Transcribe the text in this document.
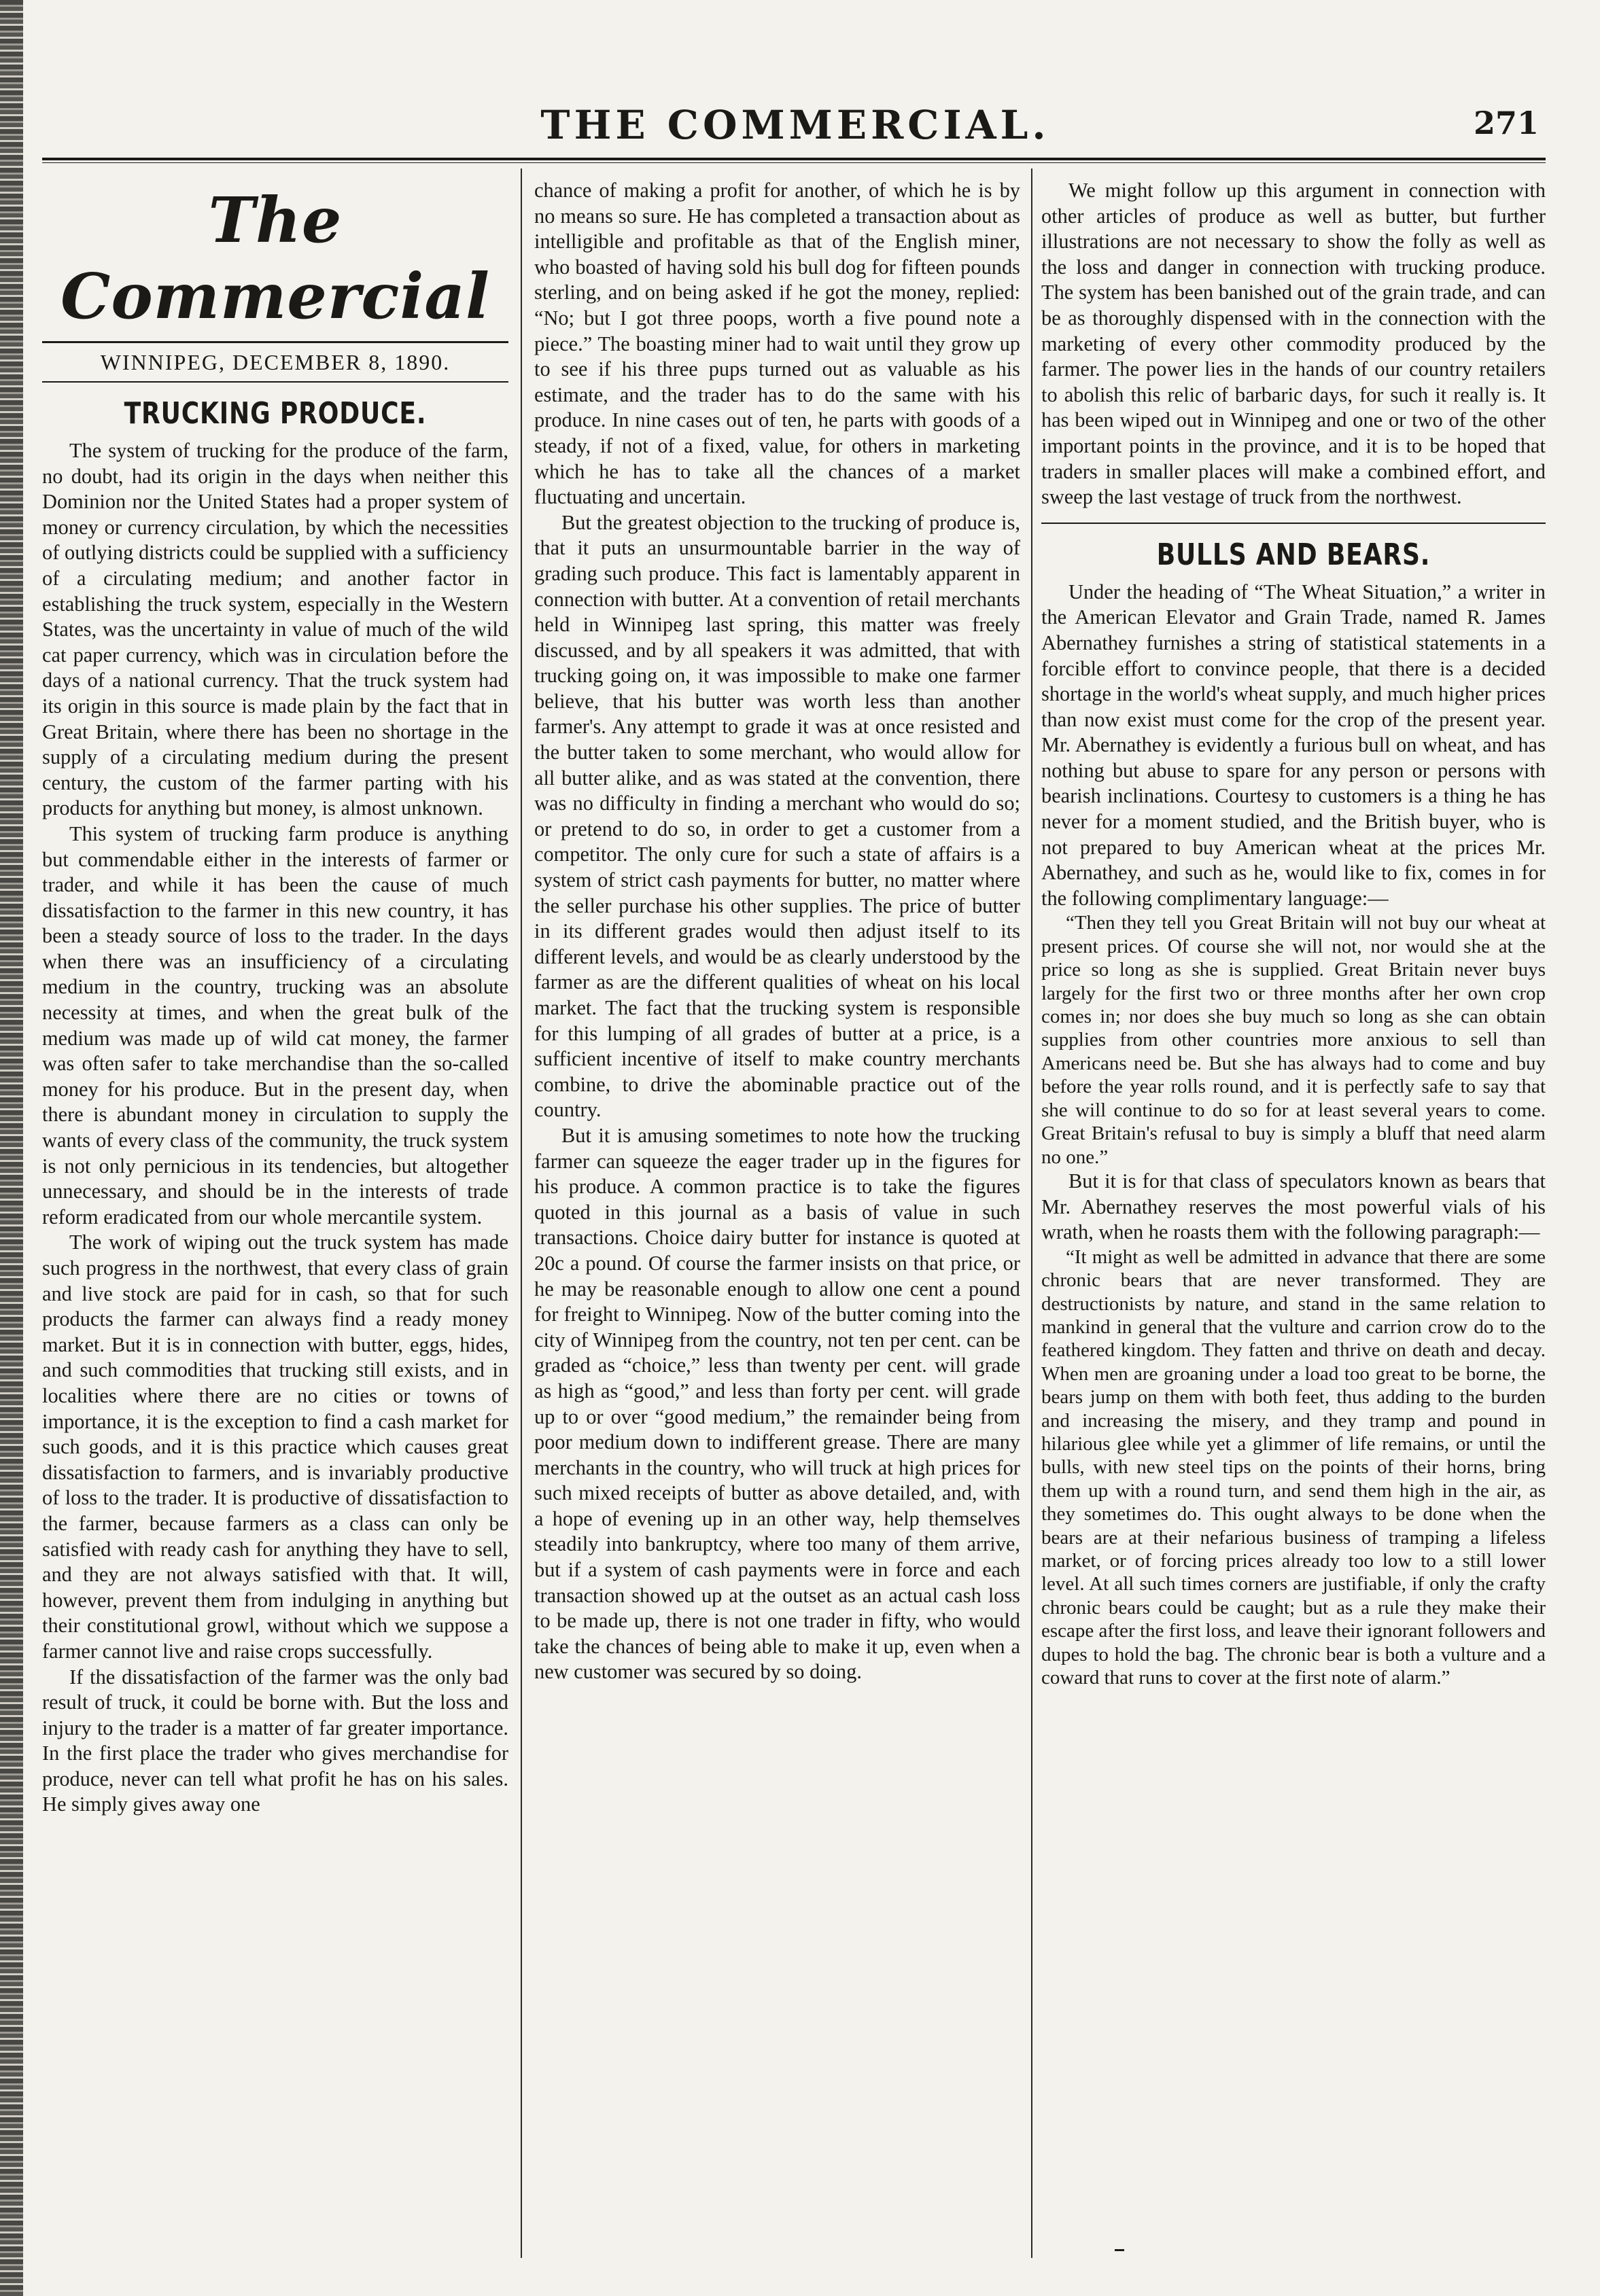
THE COMMERCIAL.	271
The Commercial
WINNIPEG, DECEMBER 8, 1890.
TRUCKING PRODUCE.

The system of trucking for the produce of the farm, no doubt, had its origin in the days when neither this Dominion nor the United States had a proper system of money or currency circulation, by which the necessities of outlying districts could be supplied with a sufficiency of a circulating medium; and another factor in establishing the truck system, especially in the Western States, was the uncertainty in value of much of the wild cat paper currency, which was in circulation before the days of a national currency. That the truck system had its origin in this source is made plain by the fact that in Great Britain, where there has been no shortage in the supply of a circulating medium during the present century, the custom of the farmer parting with his products for anything but money, is almost unknown.

This system of trucking farm produce is anything but commendable either in the interests of farmer or trader, and while it has been the cause of much dissatisfaction to the farmer in this new country, it has been a steady source of loss to the trader. In the days when there was an insufficiency of a circulating medium in the country, trucking was an absolute necessity at times, and when the great bulk of the medium was made up of wild cat money, the farmer was often safer to take merchandise than the so-called money for his produce. But in the present day, when there is abundant money in circulation to supply the wants of every class of the community, the truck system is not only pernicious in its tendencies, but altogether unnecessary, and should be in the interests of trade reform eradicated from our whole mercantile system.

The work of wiping out the truck system has made such progress in the northwest, that every class of grain and live stock are paid for in cash, so that for such products the farmer can always find a ready money market. But it is in connection with butter, eggs, hides, and such commodities that trucking still exists, and in localities where there are no cities or towns of importance, it is the exception to find a cash market for such goods, and it is this practice which causes great dissatisfaction to farmers, and is invariably productive of loss to the trader. It is productive of dissatisfaction to the farmer, because farmers as a class can only be satisfied with ready cash for anything they have to sell, and they are not always satisfied with that. It will, however, prevent them from indulging in anything but their constitutional growl, without which we suppose a farmer cannot live and raise crops successfully.

If the dissatisfaction of the farmer was the only bad result of truck, it could be borne with. But the loss and injury to the trader is a matter of far greater importance. In the first place the trader who gives merchandise for produce, never can tell what profit he has on his sales. He simply gives away one

chance of making a profit for another, of which he is by no means so sure. He has completed a transaction about as intelligible and profitable as that of the English miner, who boasted of having sold his bull dog for fifteen pounds sterling, and on being asked if he got the money, replied: “No; but I got three poops, worth a five pound note a piece.” The boasting miner had to wait until they grow up to see if his three pups turned out as valuable as his estimate, and the trader has to do the same with his produce. In nine cases out of ten, he parts with goods of a steady, if not of a fixed, value, for others in marketing which he has to take all the chances of a market fluctuating and uncertain.

But the greatest objection to the trucking of produce is, that it puts an unsurmountable barrier in the way of grading such produce. This fact is lamentably apparent in connection with butter. At a convention of retail merchants held in Winnipeg last spring, this matter was freely discussed, and by all speakers it was admitted, that with trucking going on, it was impossible to make one farmer believe, that his butter was worth less than another farmer's. Any attempt to grade it was at once resisted and the butter taken to some merchant, who would allow for all butter alike, and as was stated at the convention, there was no difficulty in finding a merchant who would do so; or pretend to do so, in order to get a customer from a competitor. The only cure for such a state of affairs is a system of strict cash payments for butter, no matter where the seller purchase his other supplies. The price of butter in its different grades would then adjust itself to its different levels, and would be as clearly understood by the farmer as are the different qualities of wheat on his local market. The fact that the trucking system is responsible for this lumping of all grades of butter at a price, is a sufficient incentive of itself to make country merchants combine, to drive the abominable practice out of the country.

But it is amusing sometimes to note how the trucking farmer can squeeze the eager trader up in the figures for his produce. A common practice is to take the figures quoted in this journal as a basis of value in such transactions. Choice dairy butter for instance is quoted at 20c a pound. Of course the farmer insists on that price, or he may be reasonable enough to allow one cent a pound for freight to Winnipeg. Now of the butter coming into the city of Winnipeg from the country, not ten per cent. can be graded as “choice,” less than twenty per cent. will grade as high as “good,” and less than forty per cent. will grade up to or over “good medium,” the remainder being from poor medium down to indifferent grease. There are many merchants in the country, who will truck at high prices for such mixed receipts of butter as above detailed, and, with a hope of evening up in an other way, help themselves steadily into bankruptcy, where too many of them arrive, but if a system of cash payments were in force and each transaction showed up at the outset as an actual cash loss to be made up, there is not one trader in fifty, who would take the chances of being able to make it up, even when a new customer was secured by so doing.

We might follow up this argument in connection with other articles of produce as well as butter, but further illustrations are not necessary to show the folly as well as the loss and danger in connection with trucking produce. The system has been banished out of the grain trade, and can be as thoroughly dispensed with in the connection with the marketing of every other commodity produced by the farmer. The power lies in the hands of our country retailers to abolish this relic of barbaric days, for such it really is. It has been wiped out in Winnipeg and one or two of the other important points in the province, and it is to be hoped that traders in smaller places will make a combined effort, and sweep the last vestage of truck from the northwest.

BULLS AND BEARS.

Under the heading of “The Wheat Situation,” a writer in the American Elevator and Grain Trade, named R. James Abernathey furnishes a string of statistical statements in a forcible effort to convince people, that there is a decided shortage in the world's wheat supply, and much higher prices than now exist must come for the crop of the present year. Mr. Abernathey is evidently a furious bull on wheat, and has nothing but abuse to spare for any person or persons with bearish inclinations. Courtesy to customers is a thing he has never for a moment studied, and the British buyer, who is not prepared to buy American wheat at the prices Mr. Abernathey, and such as he, would like to fix, comes in for the following complimentary language:—

“Then they tell you Great Britain will not buy our wheat at present prices. Of course she will not, nor would she at the price so long as she is supplied. Great Britain never buys largely for the first two or three months after her own crop comes in; nor does she buy much so long as she can obtain supplies from other countries more anxious to sell than Americans need be. But she has always had to come and buy before the year rolls round, and it is perfectly safe to say that she will continue to do so for at least several years to come. Great Britain's refusal to buy is simply a bluff that need alarm no one.”

But it is for that class of speculators known as bears that Mr. Abernathey reserves the most powerful vials of his wrath, when he roasts them with the following paragraph:—

“It might as well be admitted in advance that there are some chronic bears that are never transformed. They are destructionists by nature, and stand in the same relation to mankind in general that the vulture and carrion crow do to the feathered kingdom. They fatten and thrive on death and decay. When men are groaning under a load too great to be borne, the bears jump on them with both feet, thus adding to the burden and increasing the misery, and they tramp and pound in hilarious glee while yet a glimmer of life remains, or until the bulls, with new steel tips on the points of their horns, bring them up with a round turn, and send them high in the air, as they sometimes do. This ought always to be done when the bears are at their nefarious business of tramping a lifeless market, or of forcing prices already too low to a still lower level. At all such times corners are justifiable, if only the crafty chronic bears could be caught; but as a rule they make their escape after the first loss, and leave their ignorant followers and dupes to hold the bag. The chronic bear is both a vulture and a coward that runs to cover at the first note of alarm.”
